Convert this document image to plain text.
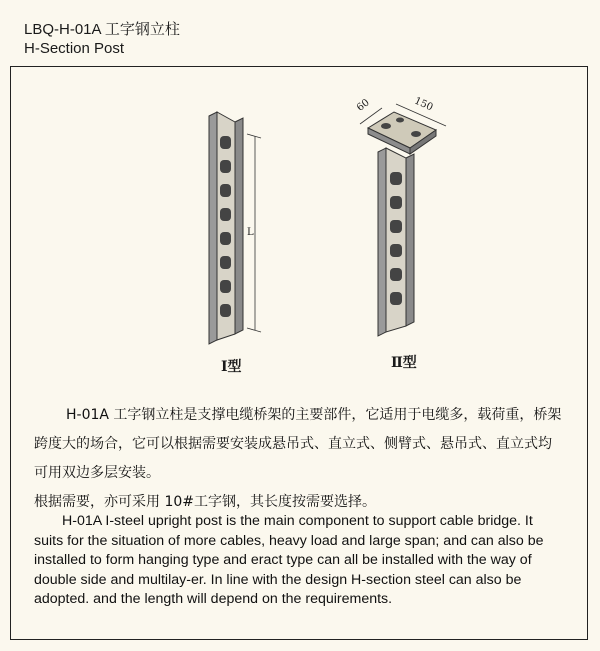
LBQ-H-01A 工字钢立柱
H-Section Post
L
Ⅰ型
60	150
Ⅱ型

H-01A 工字钢立柱是支撑电缆桥架的主要部件，它适用于电缆多，载荷重，桥架跨度大的场合，它可以根据需要安装成悬吊式、直立式、侧臂式、悬吊式、直立式均可用双边多层安装。

根据需要，亦可采用 10#工字钢，其长度按需要选择。

H-01A I-steel upright post is the main component to support cable bridge. It suits for the situation of more cables, heavy load and large span; and can also be installed to form hanging type and eract type can all be installed with the way of double side and multilay-er. In line with the design H-section steel can also be adopted. and the length will depend on the requirements.
